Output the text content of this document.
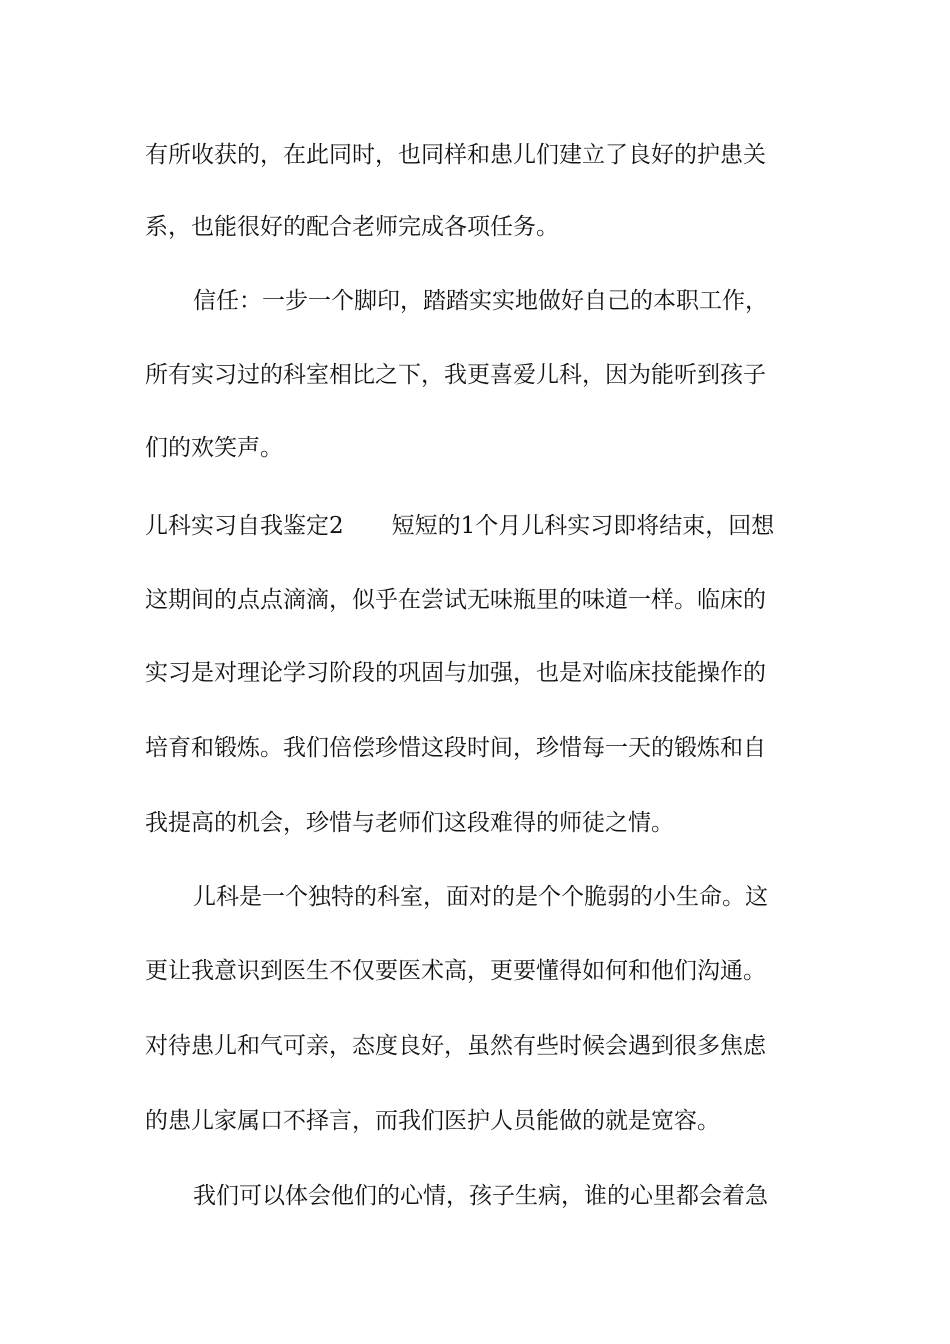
有所收获的，在此同时，也同样和患儿们建立了良好的护患关
系，也能很好的配合老师完成各项任务。
信任：一步一个脚印，踏踏实实地做好自己的本职工作，
所有实习过的科室相比之下，我更喜爱儿科，因为能听到孩子
们的欢笑声。
儿科实习自我鉴定2 短短的1个月儿科实习即将结束，回想
这期间的点点滴滴，似乎在尝试无味瓶里的味道一样。临床的
实习是对理论学习阶段的巩固与加强，也是对临床技能操作的
培育和锻炼。我们倍偿珍惜这段时间，珍惜每一天的锻炼和自
我提高的机会，珍惜与老师们这段难得的师徒之情。
儿科是一个独特的科室，面对的是个个脆弱的小生命。这
更让我意识到医生不仅要医术高，更要懂得如何和他们沟通。
对待患儿和气可亲，态度良好，虽然有些时候会遇到很多焦虑
的患儿家属口不择言，而我们医护人员能做的就是宽容。
我们可以体会他们的心情，孩子生病，谁的心里都会着急
